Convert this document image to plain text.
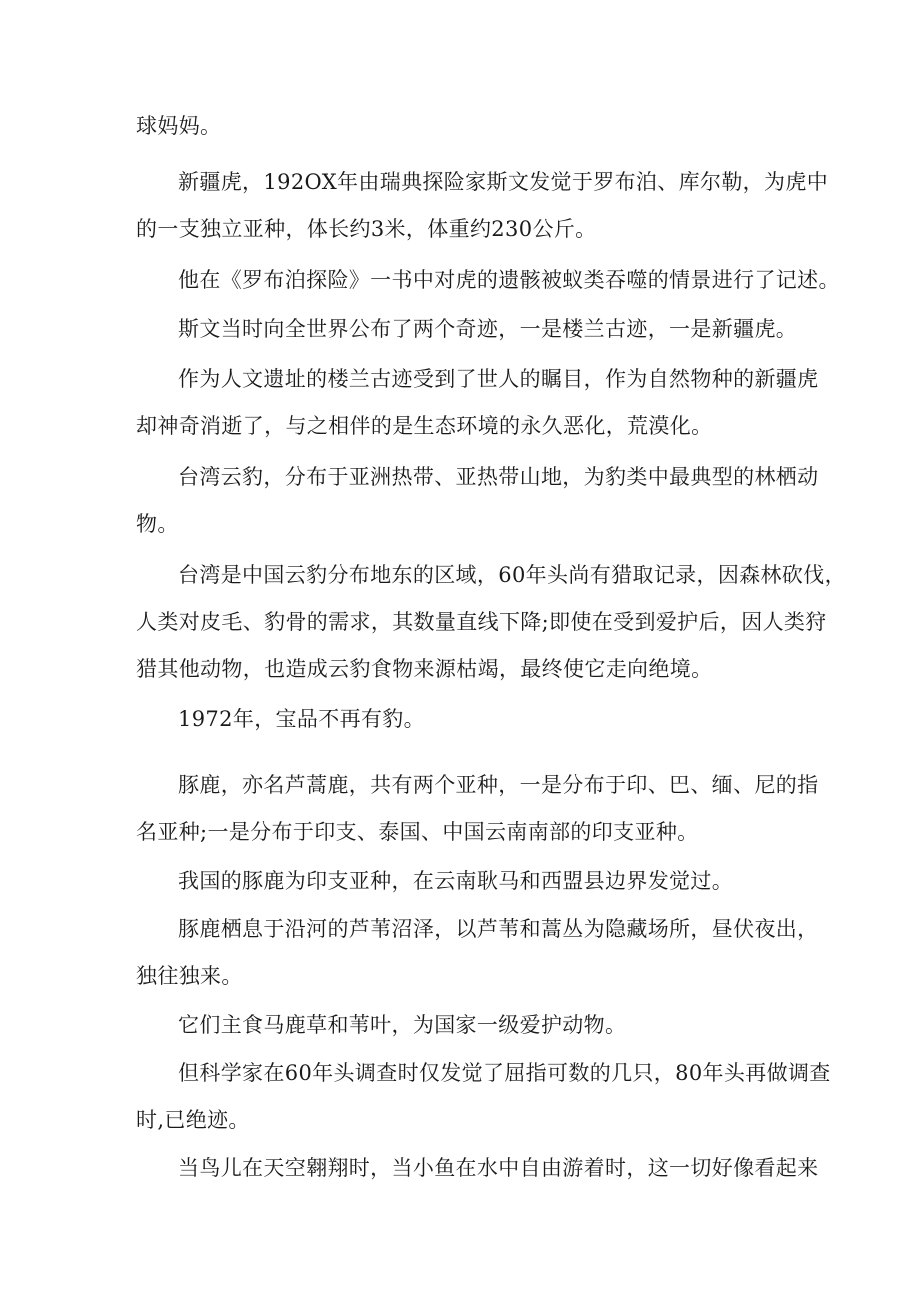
球妈妈。
新疆虎，192OX年由瑞典探险家斯文发觉于罗布泊、库尔勒，为虎中
的一支独立亚种，体长约3米，体重约230公斤。
他在《罗布泊探险》一书中对虎的遗骸被蚁类吞噬的情景进行了记述。
斯文当时向全世界公布了两个奇迹，一是楼兰古迹，一是新疆虎。
作为人文遗址的楼兰古迹受到了世人的瞩目，作为自然物种的新疆虎
却神奇消逝了，与之相伴的是生态环境的永久恶化，荒漠化。
台湾云豹，分布于亚洲热带、亚热带山地，为豹类中最典型的林栖动
物。
台湾是中国云豹分布地东的区域，60年头尚有猎取记录，因森林砍伐，
人类对皮毛、豹骨的需求，其数量直线下降;即使在受到爱护后，因人类狩
猎其他动物，也造成云豹食物来源枯竭，最终使它走向绝境。
1972年，宝品不再有豹。
豚鹿，亦名芦蒿鹿，共有两个亚种，一是分布于印、巴、缅、尼的指
名亚种;一是分布于印支、泰国、中国云南南部的印支亚种。
我国的豚鹿为印支亚种，在云南耿马和西盟县边界发觉过。
豚鹿栖息于沿河的芦苇沼泽，以芦苇和蒿丛为隐藏场所，昼伏夜出，
独往独来。
它们主食马鹿草和苇叶，为国家一级爱护动物。
但科学家在60年头调查时仅发觉了屈指可数的几只，80年头再做调查
时,已绝迹。
当鸟儿在天空翱翔时，当小鱼在水中自由游着时，这一切好像看起来
